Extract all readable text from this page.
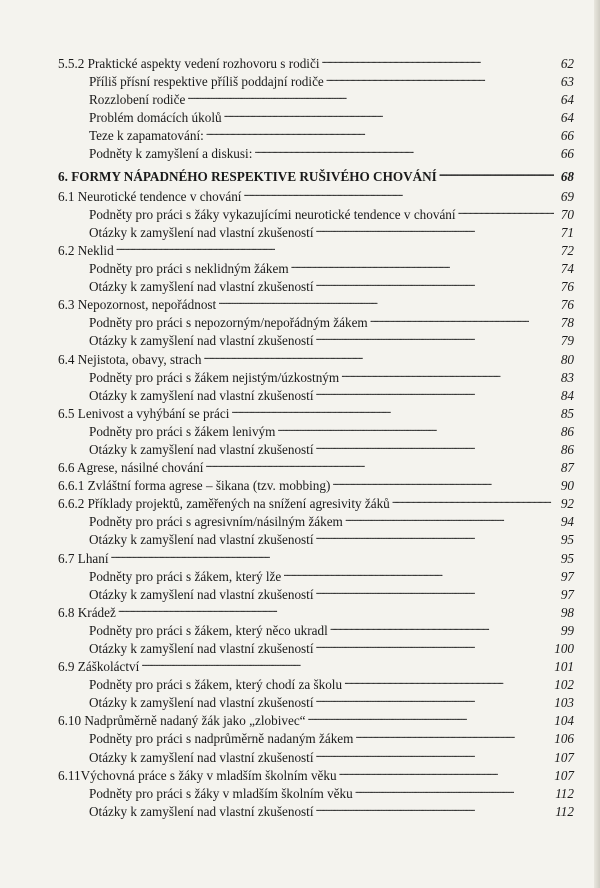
5.5.2 Praktické aspekty vedení rozhovoru s rodiči . . .	62
Příliš přísní respektive příliš poddajní rodiče . . .	63
Rozzlobení rodiče . . .	64
Problém domácích úkolů . . .	64
Teze k zapamatování: . . .	66
Podněty k zamyšlení a diskusi: . . .	66
6. FORMY NÁPADNÉHO RESPEKTIVE RUŠIVÉHO CHOVÁNÍ . . .	68
6.1 Neurotické tendence v chování . . .	69
Podněty pro práci s žáky vykazujícími neurotické tendence v chování . . .	70
Otázky k zamyšlení nad vlastní zkušeností . . .	71
6.2 Neklid . . .	72
Podněty pro práci s neklidným žákem . . .	74
Otázky k zamyšlení nad vlastní zkušeností . . .	76
6.3 Nepozornost, nepořádnost . . .	76
Podněty pro práci s nepozorným/nepořádným žákem . . .	78
Otázky k zamyšlení nad vlastní zkušeností . . .	79
6.4 Nejistota, obavy, strach . . .	80
Podněty pro práci s žákem nejistým/úzkostným . . .	83
Otázky k zamyšlení nad vlastní zkušeností . . .	84
6.5 Lenivost a vyhýbání se práci . . .	85
Podněty pro práci s žákem lenivým . . .	86
Otázky k zamyšlení nad vlastní zkušeností . . .	86
6.6 Agrese, násilné chování . . .	87
6.6.1 Zvláštní forma agrese – šikana (tzv. mobbing) . . .	90
6.6.2 Příklady projektů, zaměřených na snížení agresivity žáků . . .	92
Podněty pro práci s agresivním/násilným žákem . . .	94
Otázky k zamyšlení nad vlastní zkušeností . . .	95
6.7 Lhaní . . .	95
Podněty pro práci s žákem, který lže . . .	97
Otázky k zamyšlení nad vlastní zkušeností . . .	97
6.8 Krádež . . .	98
Podněty pro práci s žákem, který něco ukradl . . .	99
Otázky k zamyšlení nad vlastní zkušeností . . .	100
6.9 Záškoláctví . . .	101
Podněty pro práci s žákem, který chodí za školu . . .	102
Otázky k zamyšlení nad vlastní zkušeností . . .	103
6.10 Nadprůměrně nadaný žák jako „zlobivec“ . . .	104
Podněty pro práci s nadprůměrně nadaným žákem . . .	106
Otázky k zamyšlení nad vlastní zkušeností . . .	107
6.11Výchovná práce s žáky v mladším školním věku . . .	107
Podněty pro práci s žáky v mladším školním věku . . .	112
Otázky k zamyšlení nad vlastní zkušeností . . .	112
